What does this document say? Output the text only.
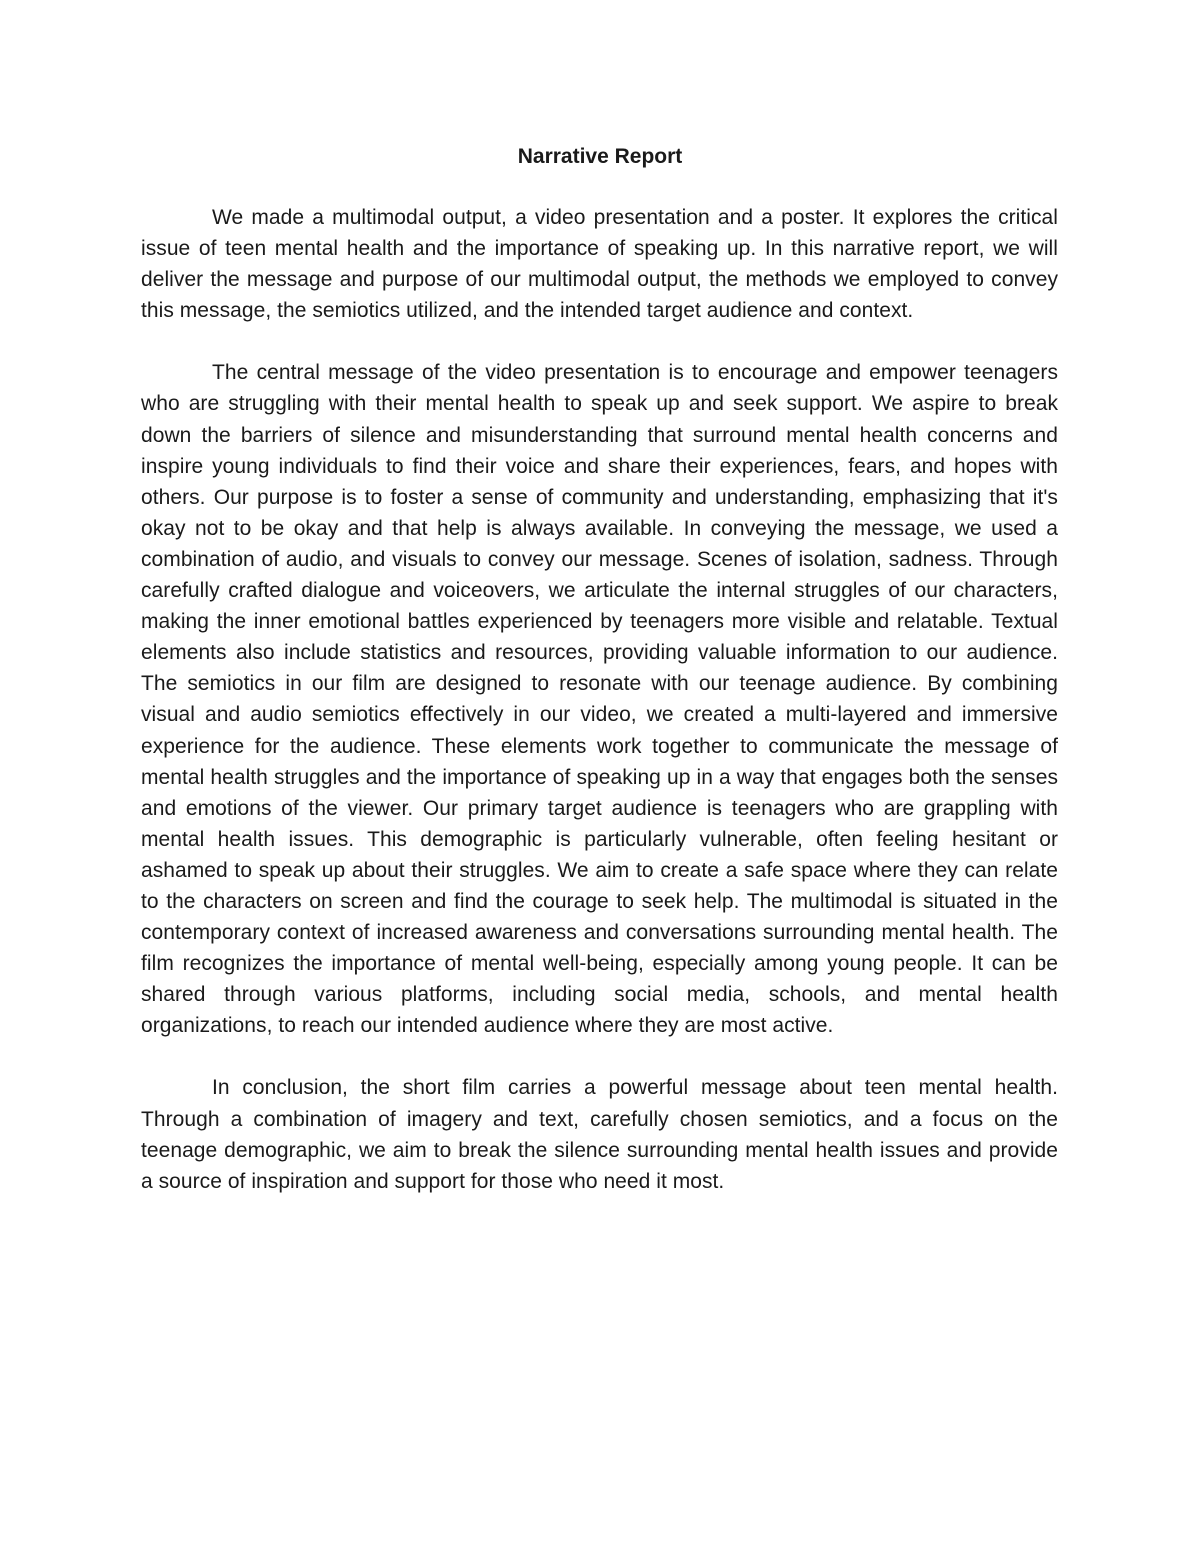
Narrative Report

We made a multimodal output, a video presentation and a poster. It explores the critical issue of teen mental health and the importance of speaking up. In this narrative report, we will deliver the message and purpose of our multimodal output, the methods we employed to convey this message, the semiotics utilized, and the intended target audience and context.

The central message of the video presentation is to encourage and empower teenagers who are struggling with their mental health to speak up and seek support. We aspire to break down the barriers of silence and misunderstanding that surround mental health concerns and inspire young individuals to find their voice and share their experiences, fears, and hopes with others. Our purpose is to foster a sense of community and understanding, emphasizing that it's okay not to be okay and that help is always available. In conveying the message, we used a combination of audio, and visuals to convey our message. Scenes of isolation, sadness. Through carefully crafted dialogue and voiceovers, we articulate the internal struggles of our characters, making the inner emotional battles experienced by teenagers more visible and relatable. Textual elements also include statistics and resources, providing valuable information to our audience. The semiotics in our film are designed to resonate with our teenage audience. By combining visual and audio semiotics effectively in our video, we created a multi-layered and immersive experience for the audience. These elements work together to communicate the message of mental health struggles and the importance of speaking up in a way that engages both the senses and emotions of the viewer. Our primary target audience is teenagers who are grappling with mental health issues. This demographic is particularly vulnerable, often feeling hesitant or ashamed to speak up about their struggles. We aim to create a safe space where they can relate to the characters on screen and find the courage to seek help. The multimodal is situated in the contemporary context of increased awareness and conversations surrounding mental health. The film recognizes the importance of mental well-being, especially among young people. It can be shared through various platforms, including social media, schools, and mental health organizations, to reach our intended audience where they are most active.

In conclusion, the short film carries a powerful message about teen mental health. Through a combination of imagery and text, carefully chosen semiotics, and a focus on the teenage demographic, we aim to break the silence surrounding mental health issues and provide a source of inspiration and support for those who need it most.
